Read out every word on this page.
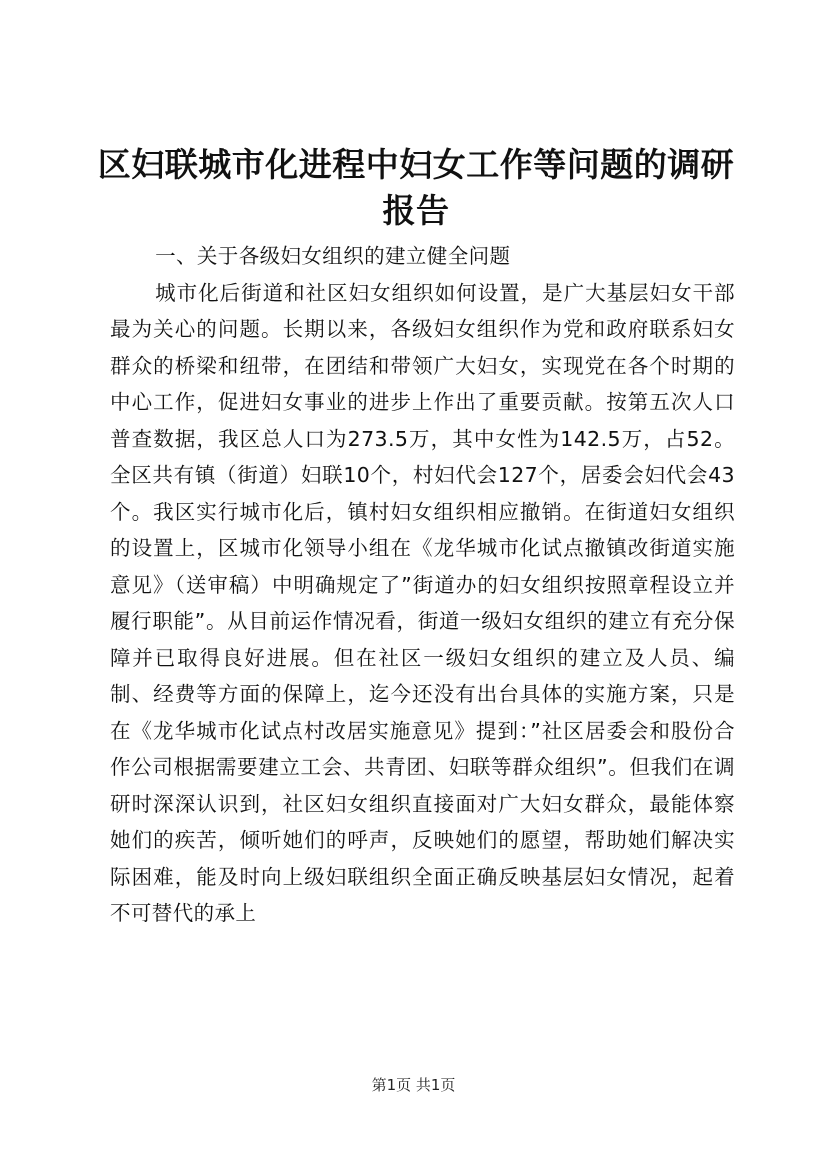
区妇联城市化进程中妇女工作等问题的调研报告

一、关于各级妇女组织的建立健全问题

城市化后街道和社区妇女组织如何设置，是广大基层妇女干部最为关心的问题。长期以来，各级妇女组织作为党和政府联系妇女群众的桥梁和纽带，在团结和带领广大妇女，实现党在各个时期的中心工作，促进妇女事业的进步上作出了重要贡献。按第五次人口普查数据，我区总人口为273.5万，其中女性为142.5万，占52。全区共有镇（街道）妇联10个，村妇代会127个，居委会妇代会43个。我区实行城市化后，镇村妇女组织相应撤销。在街道妇女组织的设置上，区城市化领导小组在《龙华城市化试点撤镇改街道实施意见》（送审稿）中明确规定了”街道办的妇女组织按照章程设立并履行职能”。从目前运作情况看，街道一级妇女组织的建立有充分保障并已取得良好进展。但在社区一级妇女组织的建立及人员、编制、经费等方面的保障上，迄今还没有出台具体的实施方案，只是在《龙华城市化试点村改居实施意见》提到：”社区居委会和股份合作公司根据需要建立工会、共青团、妇联等群众组织”。但我们在调研时深深认识到，社区妇女组织直接面对广大妇女群众，最能体察她们的疾苦，倾听她们的呼声，反映她们的愿望，帮助她们解决实际困难，能及时向上级妇联组织全面正确反映基层妇女情况，起着不可替代的承上

第1页 共1页
